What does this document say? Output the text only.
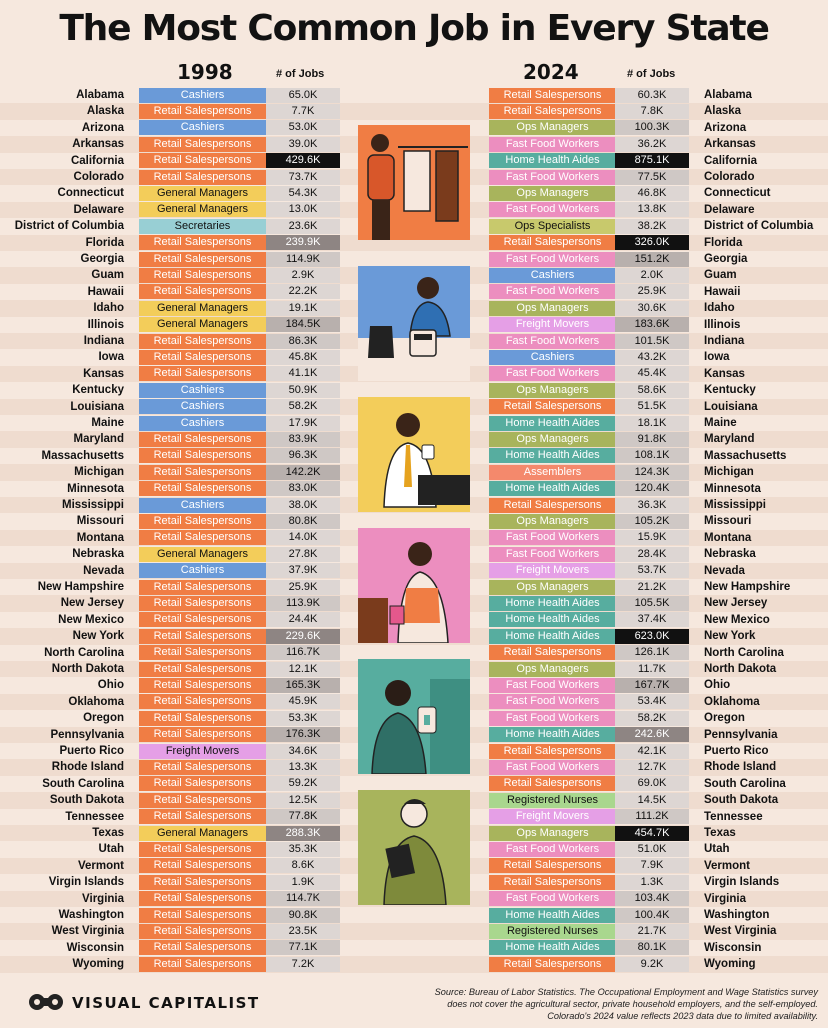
The Most Common Job in Every State
1998	# of Jobs	2024	# of Jobs
Alabama	Cashiers	65.0K	Retail Salespersons	60.3K	Alabama
Alaska	Retail Salespersons	7.7K	Retail Salespersons	7.8K	Alaska
Arizona	Cashiers	53.0K	Ops Managers	100.3K	Arizona
Arkansas	Retail Salespersons	39.0K	Fast Food Workers	36.2K	Arkansas
California	Retail Salespersons	429.6K	Home Health Aides	875.1K	California
Colorado	Retail Salespersons	73.7K	Fast Food Workers	77.5K	Colorado
Connecticut	General Managers	54.3K	Ops Managers	46.8K	Connecticut
Delaware	General Managers	13.0K	Fast Food Workers	13.8K	Delaware
District of Columbia	Secretaries	23.6K	Ops Specialists	38.2K	District of Columbia
Florida	Retail Salespersons	239.9K	Retail Salespersons	326.0K	Florida
Georgia	Retail Salespersons	114.9K	Fast Food Workers	151.2K	Georgia
Guam	Retail Salespersons	2.9K	Cashiers	2.0K	Guam
Hawaii	Retail Salespersons	22.2K	Fast Food Workers	25.9K	Hawaii
Idaho	General Managers	19.1K	Ops Managers	30.6K	Idaho
Illinois	General Managers	184.5K	Freight Movers	183.6K	Illinois
Indiana	Retail Salespersons	86.3K	Fast Food Workers	101.5K	Indiana
Iowa	Retail Salespersons	45.8K	Cashiers	43.2K	Iowa
Kansas	Retail Salespersons	41.1K	Fast Food Workers	45.4K	Kansas
Kentucky	Cashiers	50.9K	Ops Managers	58.6K	Kentucky
Louisiana	Cashiers	58.2K	Retail Salespersons	51.5K	Louisiana
Maine	Cashiers	17.9K	Home Health Aides	18.1K	Maine
Maryland	Retail Salespersons	83.9K	Ops Managers	91.8K	Maryland
Massachusetts	Retail Salespersons	96.3K	Home Health Aides	108.1K	Massachusetts
Michigan	Retail Salespersons	142.2K	Assemblers	124.3K	Michigan
Minnesota	Retail Salespersons	83.0K	Home Health Aides	120.4K	Minnesota
Mississippi	Cashiers	38.0K	Retail Salespersons	36.3K	Mississippi
Missouri	Retail Salespersons	80.8K	Ops Managers	105.2K	Missouri
Montana	Retail Salespersons	14.0K	Fast Food Workers	15.9K	Montana
Nebraska	General Managers	27.8K	Fast Food Workers	28.4K	Nebraska
Nevada	Cashiers	37.9K	Freight Movers	53.7K	Nevada
New Hampshire	Retail Salespersons	25.9K	Ops Managers	21.2K	New Hampshire
New Jersey	Retail Salespersons	113.9K	Home Health Aides	105.5K	New Jersey
New Mexico	Retail Salespersons	24.4K	Home Health Aides	37.4K	New Mexico
New York	Retail Salespersons	229.6K	Home Health Aides	623.0K	New York
North Carolina	Retail Salespersons	116.7K	Retail Salespersons	126.1K	North Carolina
North Dakota	Retail Salespersons	12.1K	Ops Managers	11.7K	North Dakota
Ohio	Retail Salespersons	165.3K	Fast Food Workers	167.7K	Ohio
Oklahoma	Retail Salespersons	45.9K	Fast Food Workers	53.4K	Oklahoma
Oregon	Retail Salespersons	53.3K	Fast Food Workers	58.2K	Oregon
Pennsylvania	Retail Salespersons	176.3K	Home Health Aides	242.6K	Pennsylvania
Puerto Rico	Freight Movers	34.6K	Retail Salespersons	42.1K	Puerto Rico
Rhode Island	Retail Salespersons	13.3K	Fast Food Workers	12.7K	Rhode Island
South Carolina	Retail Salespersons	59.2K	Retail Salespersons	69.0K	South Carolina
South Dakota	Retail Salespersons	12.5K	Registered Nurses	14.5K	South Dakota
Tennessee	Retail Salespersons	77.8K	Freight Movers	111.2K	Tennessee
Texas	General Managers	288.3K	Ops Managers	454.7K	Texas
Utah	Retail Salespersons	35.3K	Fast Food Workers	51.0K	Utah
Vermont	Retail Salespersons	8.6K	Retail Salespersons	7.9K	Vermont
Virgin Islands	Retail Salespersons	1.9K	Retail Salespersons	1.3K	Virgin Islands
Virginia	Retail Salespersons	114.7K	Fast Food Workers	103.4K	Virginia
Washington	Retail Salespersons	90.8K	Home Health Aides	100.4K	Washington
West Virginia	Retail Salespersons	23.5K	Registered Nurses	21.7K	West Virginia
Wisconsin	Retail Salespersons	77.1K	Home Health Aides	80.1K	Wisconsin
Wyoming	Retail Salespersons	7.2K	Retail Salespersons	9.2K	Wyoming
VISUAL CAPITALIST
Source: Bureau of Labor Statistics. The Occupational Employment and Wage Statistics survey
does not cover the agricultural sector, private household employers, and the self-employed.
Colorado's 2024 value reflects 2023 data due to limited availability.
